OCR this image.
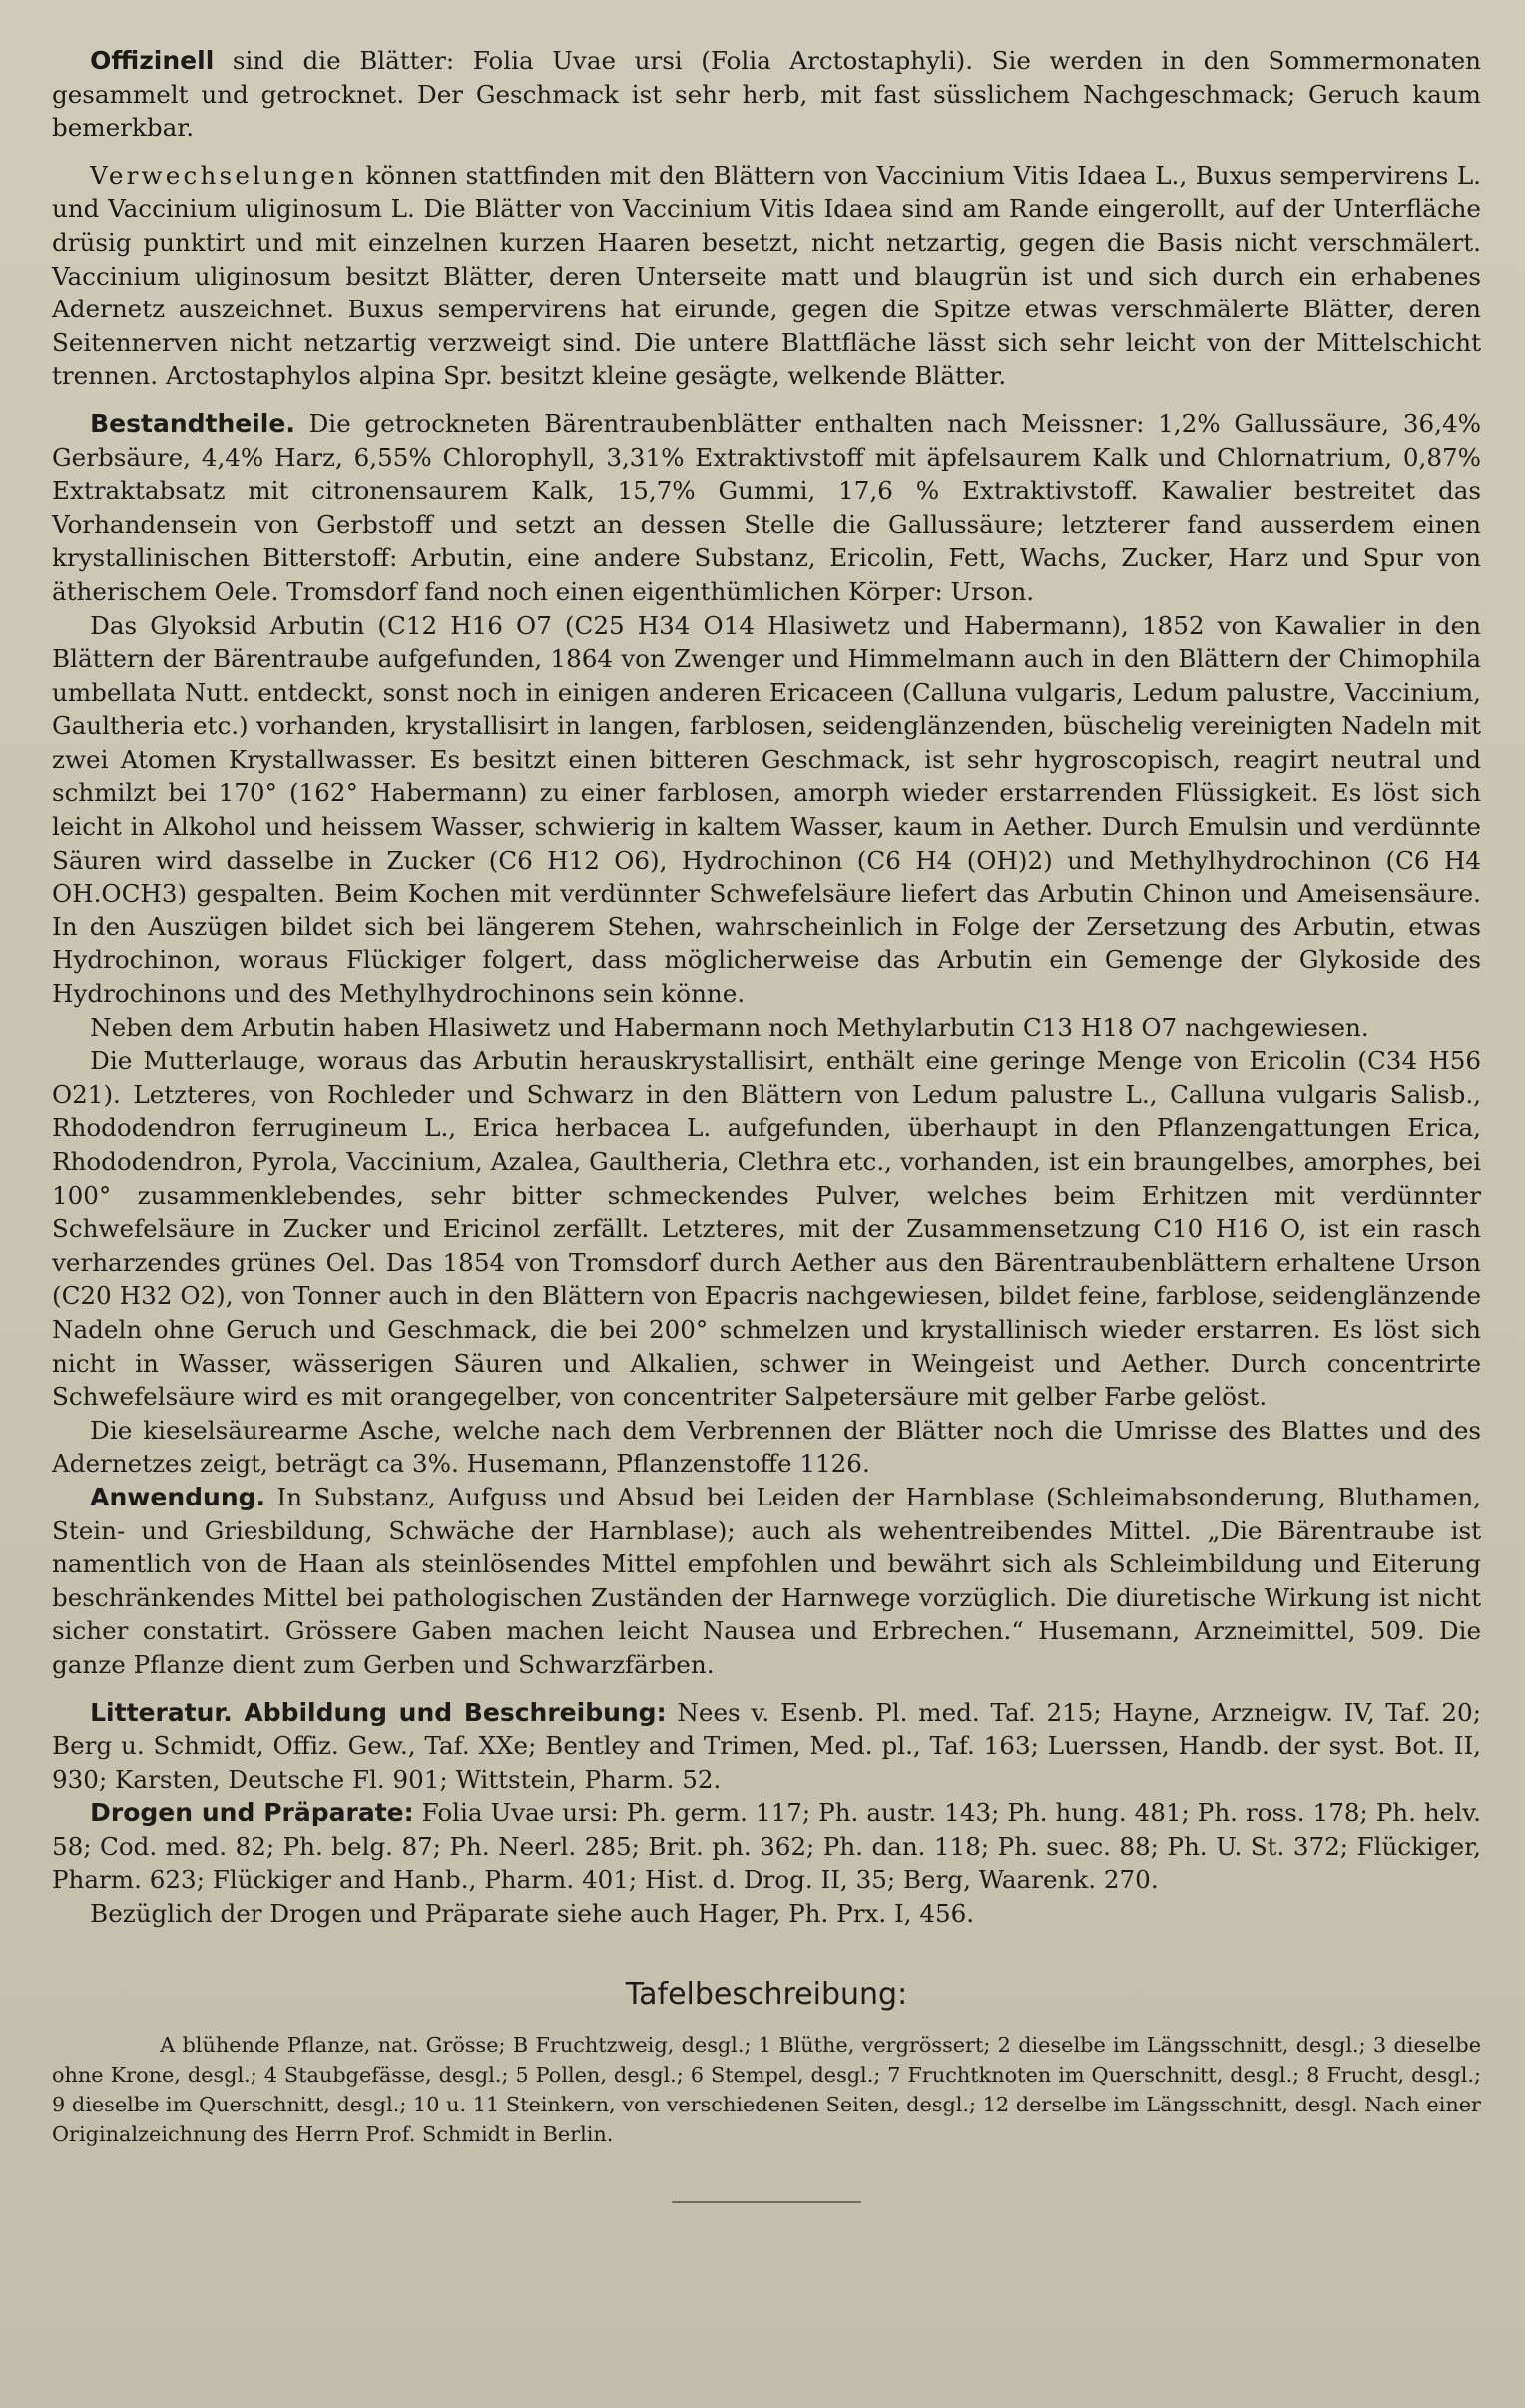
Offizinell sind die Blätter: Folia Uvae ursi (Folia Arctostaphyli). Sie werden in den Sommermonaten gesammelt und getrocknet. Der Geschmack ist sehr herb, mit fast süsslichem Nachgeschmack; Geruch kaum bemerkbar.

Verwechselungen können stattfinden mit den Blättern von Vaccinium Vitis Idaea L., Buxus sempervirens L. und Vaccinium uliginosum L. Die Blätter von Vaccinium Vitis Idaea sind am Rande eingerollt, auf der Unterfläche drüsig punktirt und mit einzelnen kurzen Haaren besetzt, nicht netzartig, gegen die Basis nicht verschmälert. Vaccinium uliginosum besitzt Blätter, deren Unterseite matt und blaugrün ist und sich durch ein erhabenes Adernetz auszeichnet. Buxus sempervirens hat eirunde, gegen die Spitze etwas verschmälerte Blätter, deren Seitennerven nicht netzartig verzweigt sind. Die untere Blattfläche lässt sich sehr leicht von der Mittelschicht trennen. Arctostaphylos alpina Spr. besitzt kleine gesägte, welkende Blätter.

Bestandtheile. Die getrockneten Bärentraubenblätter enthalten nach Meissner: 1,2% Gallussäure, 36,4% Gerbsäure, 4,4% Harz, 6,55% Chlorophyll, 3,31% Extraktivstoff mit äpfelsaurem Kalk und Chlornatrium, 0,87% Extraktabsatz mit citronensaurem Kalk, 15,7% Gummi, 17,6 % Extraktivstoff. Kawalier bestreitet das Vorhandensein von Gerbstoff und setzt an dessen Stelle die Gallussäure; letzterer fand ausserdem einen krystallinischen Bitterstoff: Arbutin, eine andere Substanz, Ericolin, Fett, Wachs, Zucker, Harz und Spur von ätherischem Oele. Tromsdorf fand noch einen eigenthümlichen Körper: Urson.

Das Glyoksid Arbutin (C12 H16 O7 (C25 H34 O14 Hlasiwetz und Habermann), 1852 von Kawalier in den Blättern der Bärentraube aufgefunden, 1864 von Zwenger und Himmelmann auch in den Blättern der Chimophila umbellata Nutt. entdeckt, sonst noch in einigen anderen Ericaceen (Calluna vulgaris, Ledum palustre, Vaccinium, Gaultheria etc.) vorhanden, krystallisirt in langen, farblosen, seidenglänzenden, büschelig vereinigten Nadeln mit zwei Atomen Krystallwasser. Es besitzt einen bitteren Geschmack, ist sehr hygroscopisch, reagirt neutral und schmilzt bei 170° (162° Habermann) zu einer farblosen, amorph wieder erstarrenden Flüssigkeit. Es löst sich leicht in Alkohol und heissem Wasser, schwierig in kaltem Wasser, kaum in Aether. Durch Emulsin und verdünnte Säuren wird dasselbe in Zucker (C6 H12 O6), Hydrochinon (C6 H4 (OH)2) und Methylhydrochinon (C6 H4 OH.OCH3) gespalten. Beim Kochen mit verdünnter Schwefelsäure liefert das Arbutin Chinon und Ameisensäure. In den Auszügen bildet sich bei längerem Stehen, wahrscheinlich in Folge der Zersetzung des Arbutin, etwas Hydrochinon, woraus Flückiger folgert, dass möglicherweise das Arbutin ein Gemenge der Glykoside des Hydrochinons und des Methylhydrochinons sein könne.

Neben dem Arbutin haben Hlasiwetz und Habermann noch Methylarbutin C13 H18 O7 nachgewiesen.

Die Mutterlauge, woraus das Arbutin herauskrystallisirt, enthält eine geringe Menge von Ericolin (C34 H56 O21). Letzteres, von Rochleder und Schwarz in den Blättern von Ledum palustre L., Calluna vulgaris Salisb., Rhododendron ferrugineum L., Erica herbacea L. aufgefunden, überhaupt in den Pflanzengattungen Erica, Rhododendron, Pyrola, Vaccinium, Azalea, Gaultheria, Clethra etc., vorhanden, ist ein braungelbes, amorphes, bei 100° zusammenklebendes, sehr bitter schmeckendes Pulver, welches beim Erhitzen mit verdünnter Schwefelsäure in Zucker und Ericinol zerfällt. Letzteres, mit der Zusammensetzung C10 H16 O, ist ein rasch verharzendes grünes Oel. Das 1854 von Tromsdorf durch Aether aus den Bärentraubenblättern erhaltene Urson (C20 H32 O2), von Tonner auch in den Blättern von Epacris nachgewiesen, bildet feine, farblose, seidenglänzende Nadeln ohne Geruch und Geschmack, die bei 200° schmelzen und krystallinisch wieder erstarren. Es löst sich nicht in Wasser, wässerigen Säuren und Alkalien, schwer in Weingeist und Aether. Durch concentrirte Schwefelsäure wird es mit orangegelber, von concentriter Salpetersäure mit gelber Farbe gelöst.

Die kieselsäurearme Asche, welche nach dem Verbrennen der Blätter noch die Umrisse des Blattes und des Adernetzes zeigt, beträgt ca 3%. Husemann, Pflanzenstoffe 1126.

Anwendung. In Substanz, Aufguss und Absud bei Leiden der Harnblase (Schleimabsonderung, Bluthamen, Stein- und Griesbildung, Schwäche der Harnblase); auch als wehentreibendes Mittel. „Die Bärentraube ist namentlich von de Haan als steinlösendes Mittel empfohlen und bewährt sich als Schleimbildung und Eiterung beschränkendes Mittel bei pathologischen Zuständen der Harnwege vorzüglich. Die diuretische Wirkung ist nicht sicher constatirt. Grössere Gaben machen leicht Nausea und Erbrechen.“ Husemann, Arzneimittel, 509. Die ganze Pflanze dient zum Gerben und Schwarzfärben.

Litteratur. Abbildung und Beschreibung: Nees v. Esenb. Pl. med. Taf. 215; Hayne, Arzneigw. IV, Taf. 20; Berg u. Schmidt, Offiz. Gew., Taf. XXe; Bentley and Trimen, Med. pl., Taf. 163; Luerssen, Handb. der syst. Bot. II, 930; Karsten, Deutsche Fl. 901; Wittstein, Pharm. 52.

Drogen und Präparate: Folia Uvae ursi: Ph. germ. 117; Ph. austr. 143; Ph. hung. 481; Ph. ross. 178; Ph. helv. 58; Cod. med. 82; Ph. belg. 87; Ph. Neerl. 285; Brit. ph. 362; Ph. dan. 118; Ph. suec. 88; Ph. U. St. 372; Flückiger, Pharm. 623; Flückiger and Hanb., Pharm. 401; Hist. d. Drog. II, 35; Berg, Waarenk. 270.

Bezüglich der Drogen und Präparate siehe auch Hager, Ph. Prx. I, 456.

Tafelbeschreibung:

A blühende Pflanze, nat. Grösse; B Fruchtzweig, desgl.; 1 Blüthe, vergrössert; 2 dieselbe im Längsschnitt, desgl.; 3 dieselbe ohne Krone, desgl.; 4 Staubgefässe, desgl.; 5 Pollen, desgl.; 6 Stempel, desgl.; 7 Fruchtknoten im Querschnitt, desgl.; 8 Frucht, desgl.; 9 dieselbe im Querschnitt, desgl.; 10 u. 11 Steinkern, von verschiedenen Seiten, desgl.; 12 derselbe im Längsschnitt, desgl. Nach einer Originalzeichnung des Herrn Prof. Schmidt in Berlin.
